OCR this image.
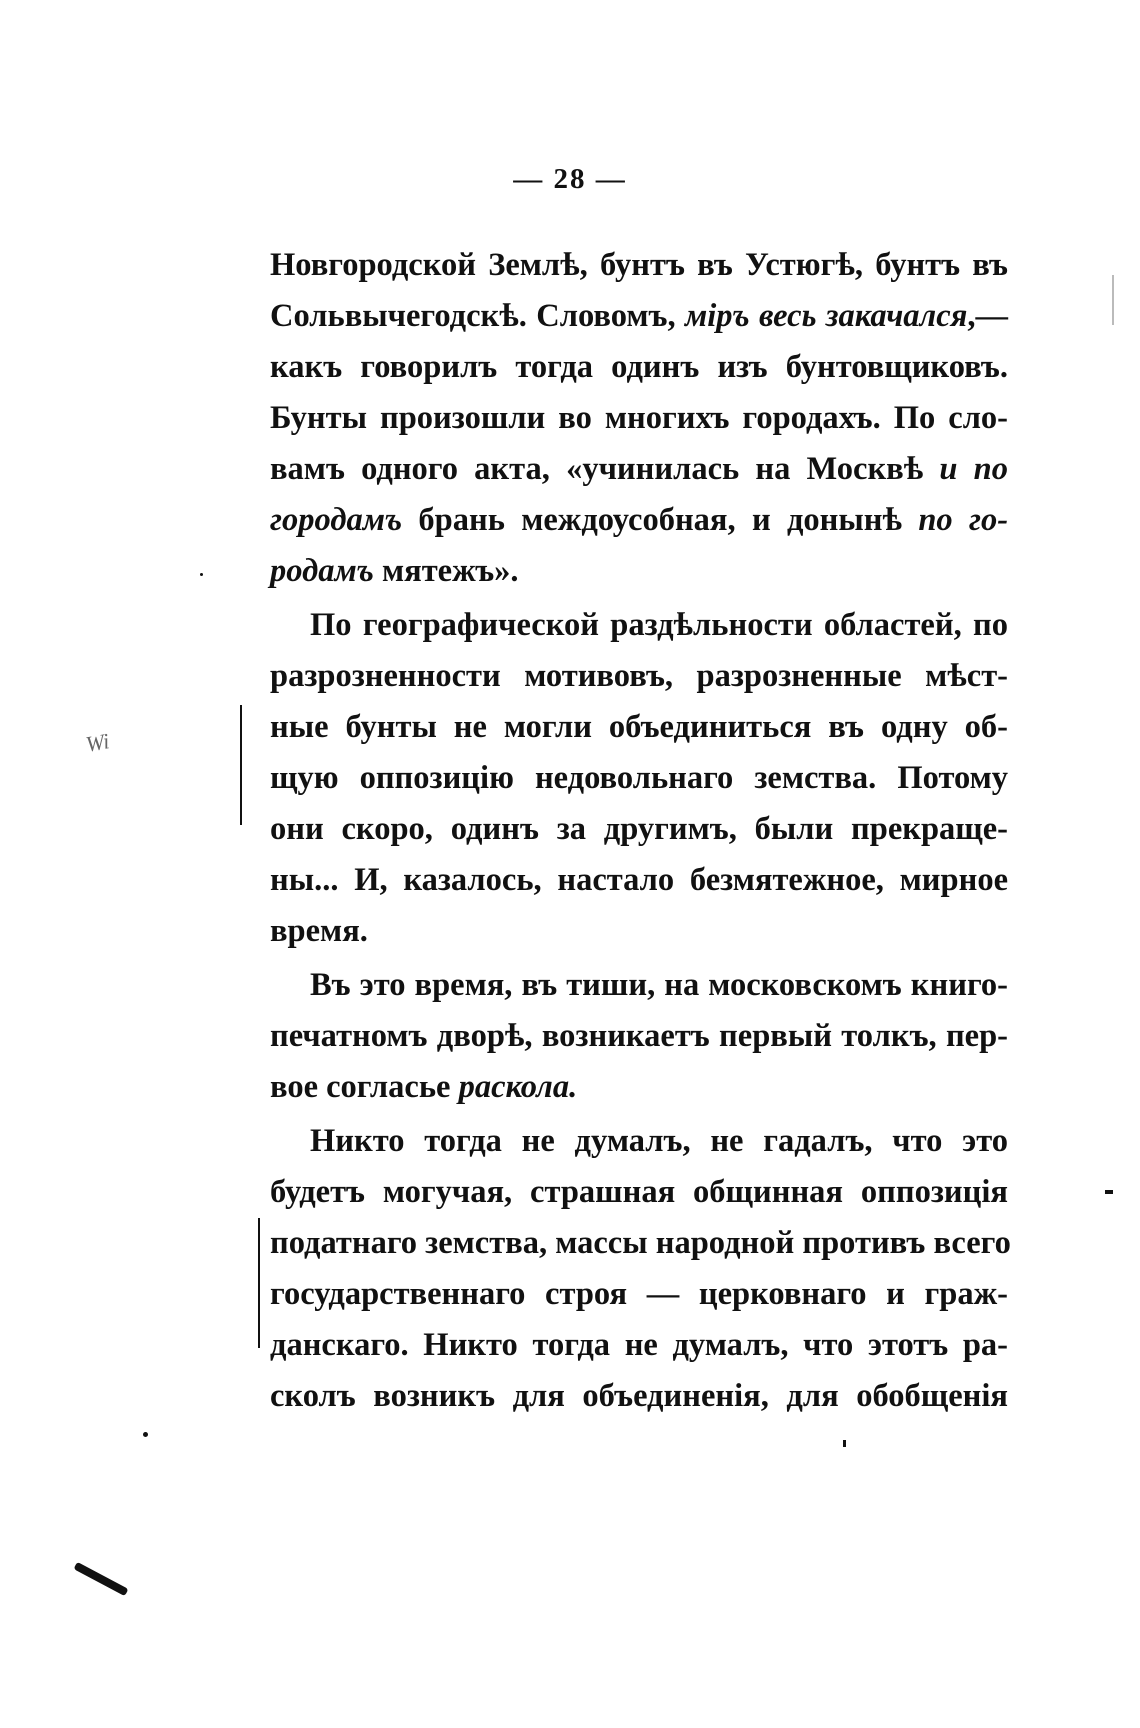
— 28 —
Новгородской Землѣ, бунтъ въ Устюгѣ, бунтъ въ
Сольвычегодскѣ. Словомъ, міръ весь закачался,—
какъ говорилъ тогда одинъ изъ бунтовщиковъ.
Бунты произошли во многихъ городахъ. По сло-
вамъ одного акта, «учинилась на Москвѣ и по
городамъ брань междоусобная, и донынѣ по го-
родамъ мятежъ».
По географической раздѣльности областей, по
разрозненности мотивовъ, разрозненные мѣст-
ные бунты не могли объединиться въ одну об-
щую оппозицію недовольнаго земства. Потому
они скоро, одинъ за другимъ, были прекраще-
ны... И, казалось, настало безмятежное, мирное
время.
Въ это время, въ тиши, на московскомъ книго-
печатномъ дворѣ, возникаетъ первый толкъ, пер-
вое согласье раскола.
Никто тогда не думалъ, не гадалъ, что это
будетъ могучая, страшная общинная оппозиція
податнаго земства, массы народной противъ всего
государственнаго строя — церковнаго и граж-
данскаго. Никто тогда не думалъ, что этотъ ра-
сколъ возникъ для объединенія, для обобщенія
Wi
